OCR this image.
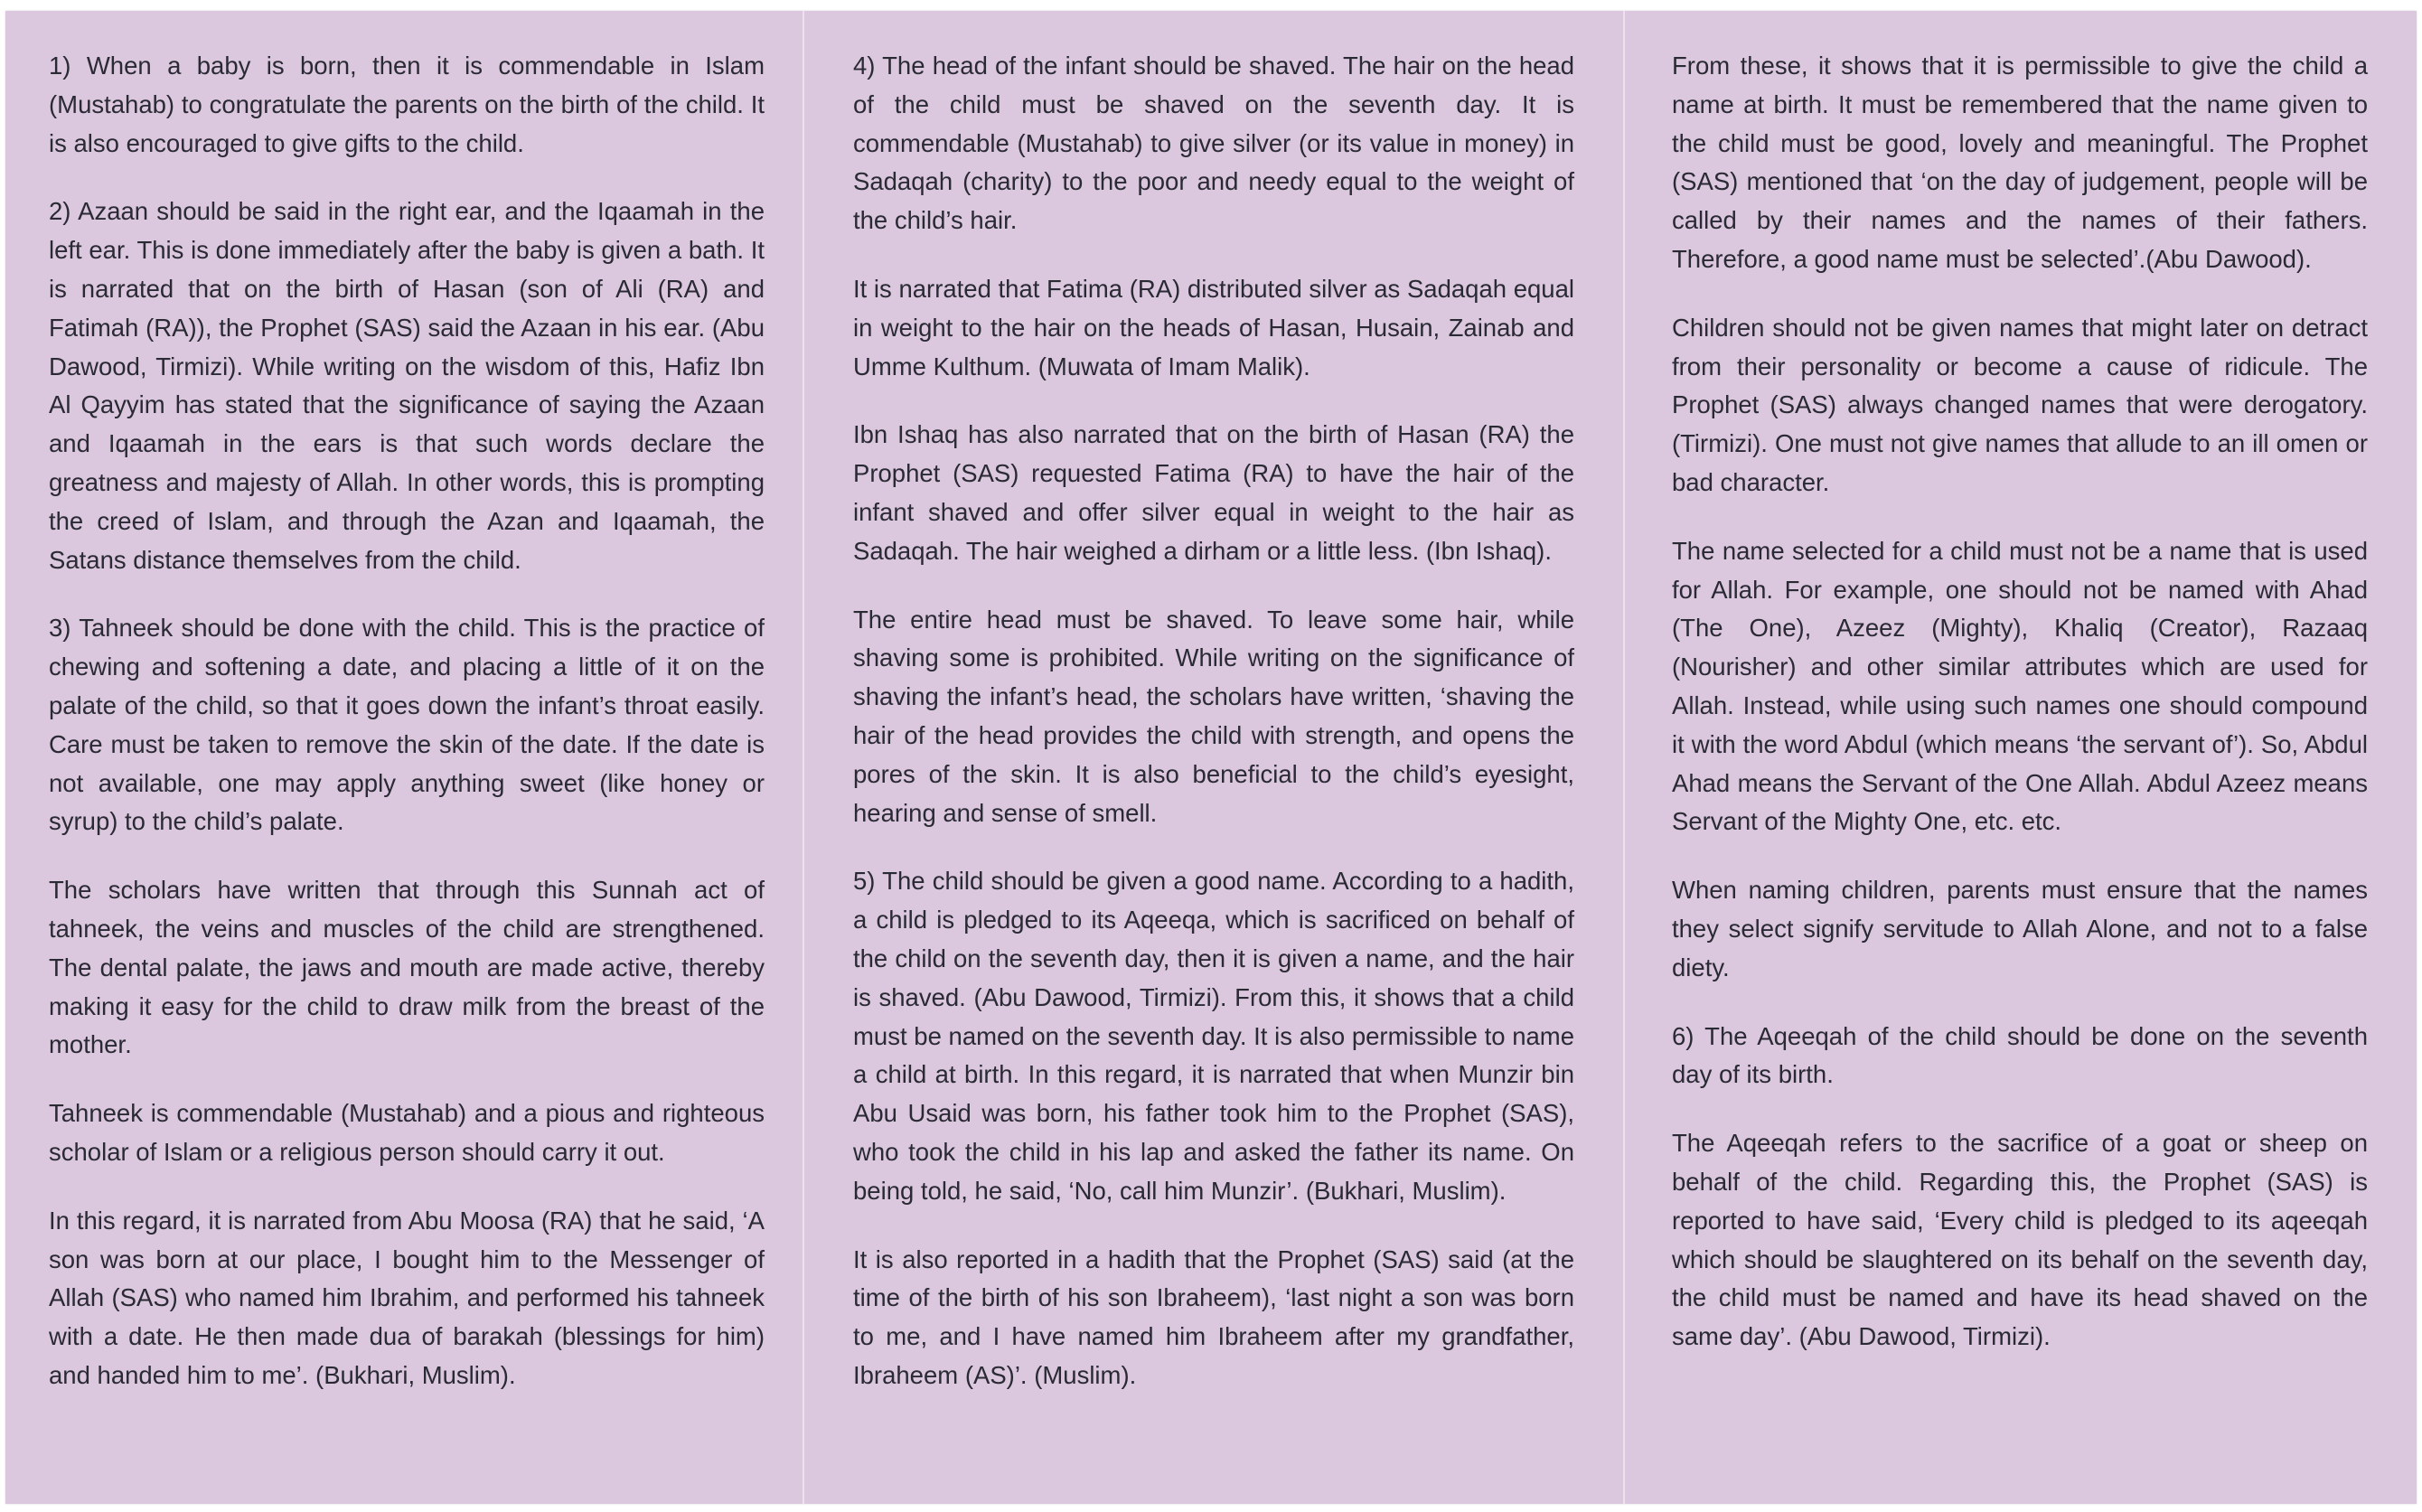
1) When a baby is born, then it is commendable in Islam (Mustahab) to congratulate the parents on the birth of the child. It is also encouraged to give gifts to the child.

2) Azaan should be said in the right ear, and the Iqaamah in the left ear. This is done immediately after the baby is given a bath. It is narrated that on the birth of Hasan (son of Ali (RA) and Fatimah (RA)), the Prophet (SAS) said the Azaan in his ear. (Abu Dawood, Tirmizi). While writing on the wisdom of this, Hafiz Ibn Al Qayyim has stated that the significance of saying the Azaan and Iqaamah in the ears is that such words declare the greatness and majesty of Allah. In other words, this is prompting the creed of Islam, and through the Azan and Iqaamah, the Satans distance themselves from the child.

3) Tahneek should be done with the child. This is the practice of chewing and softening a date, and placing a little of it on the palate of the child, so that it goes down the infant’s throat easily. Care must be taken to remove the skin of the date. If the date is not available, one may apply anything sweet (like honey or syrup) to the child’s palate.

The scholars have written that through this Sunnah act of tahneek, the veins and muscles of the child are strengthened. The dental palate, the jaws and mouth are made active, thereby making it easy for the child to draw milk from the breast of the mother.

Tahneek is commendable (Mustahab) and a pious and righteous scholar of Islam or a religious person should carry it out.

In this regard, it is narrated from Abu Moosa (RA) that he said, ‘A son was born at our place, I bought him to the Messenger of Allah (SAS) who named him Ibrahim, and performed his tahneek with a date. He then made dua of barakah (blessings for him) and handed him to me’. (Bukhari, Muslim).

4) The head of the infant should be shaved. The hair on the head of the child must be shaved on the seventh day. It is commendable (Mustahab) to give silver (or its value in money) in Sadaqah (charity) to the poor and needy equal to the weight of the child’s hair.

It is narrated that Fatima (RA) distributed silver as Sadaqah equal in weight to the hair on the heads of Hasan, Husain, Zainab and Umme Kulthum. (Muwata of Imam Malik).

Ibn Ishaq has also narrated that on the birth of Hasan (RA) the Prophet (SAS) requested Fatima (RA) to have the hair of the infant shaved and offer silver equal in weight to the hair as Sadaqah. The hair weighed a dirham or a little less. (Ibn Ishaq).

The entire head must be shaved. To leave some hair, while shaving some is prohibited. While writing on the significance of shaving the infant’s head, the scholars have written, ‘shaving the hair of the head provides the child with strength, and opens the pores of the skin. It is also beneficial to the child’s eyesight, hearing and sense of smell.

5) The child should be given a good name. According to a hadith, a child is pledged to its Aqeeqa, which is sacrificed on behalf of the child on the seventh day, then it is given a name, and the hair is shaved. (Abu Dawood, Tirmizi). From this, it shows that a child must be named on the seventh day. It is also permissible to name a child at birth. In this regard, it is narrated that when Munzir bin Abu Usaid was born, his father took him to the Prophet (SAS), who took the child in his lap and asked the father its name. On being told, he said, ‘No, call him Munzir’. (Bukhari, Muslim).

It is also reported in a hadith that the Prophet (SAS) said (at the time of the birth of his son Ibraheem), ‘last night a son was born to me, and I have named him Ibraheem after my grandfather, Ibraheem (AS)’. (Muslim).

From these, it shows that it is permissible to give the child a name at birth. It must be remembered that the name given to the child must be good, lovely and meaningful. The Prophet (SAS) mentioned that ‘on the day of judgement, people will be called by their names and the names of their fathers. Therefore, a good name must be selected’.(Abu Dawood).

Children should not be given names that might later on detract from their personality or become a cause of ridicule. The Prophet (SAS) always changed names that were derogatory. (Tirmizi). One must not give names that allude to an ill omen or bad character.

The name selected for a child must not be a name that is used for Allah. For example, one should not be named with Ahad (The One), Azeez (Mighty), Khaliq (Creator), Razaaq (Nourisher) and other similar attributes which are used for Allah. Instead, while using such names one should compound it with the word Abdul (which means ‘the servant of’). So, Abdul Ahad means the Servant of the One Allah. Abdul Azeez means Servant of the Mighty One, etc. etc.

When naming children, parents must ensure that the names they select signify servitude to Allah Alone, and not to a false diety.

6) The Aqeeqah of the child should be done on the seventh day of its birth.

The Aqeeqah refers to the sacrifice of a goat or sheep on behalf of the child. Regarding this, the Prophet (SAS) is reported to have said, ‘Every child is pledged to its aqeeqah which should be slaughtered on its behalf on the seventh day, the child must be named and have its head shaved on the same day’. (Abu Dawood, Tirmizi).
